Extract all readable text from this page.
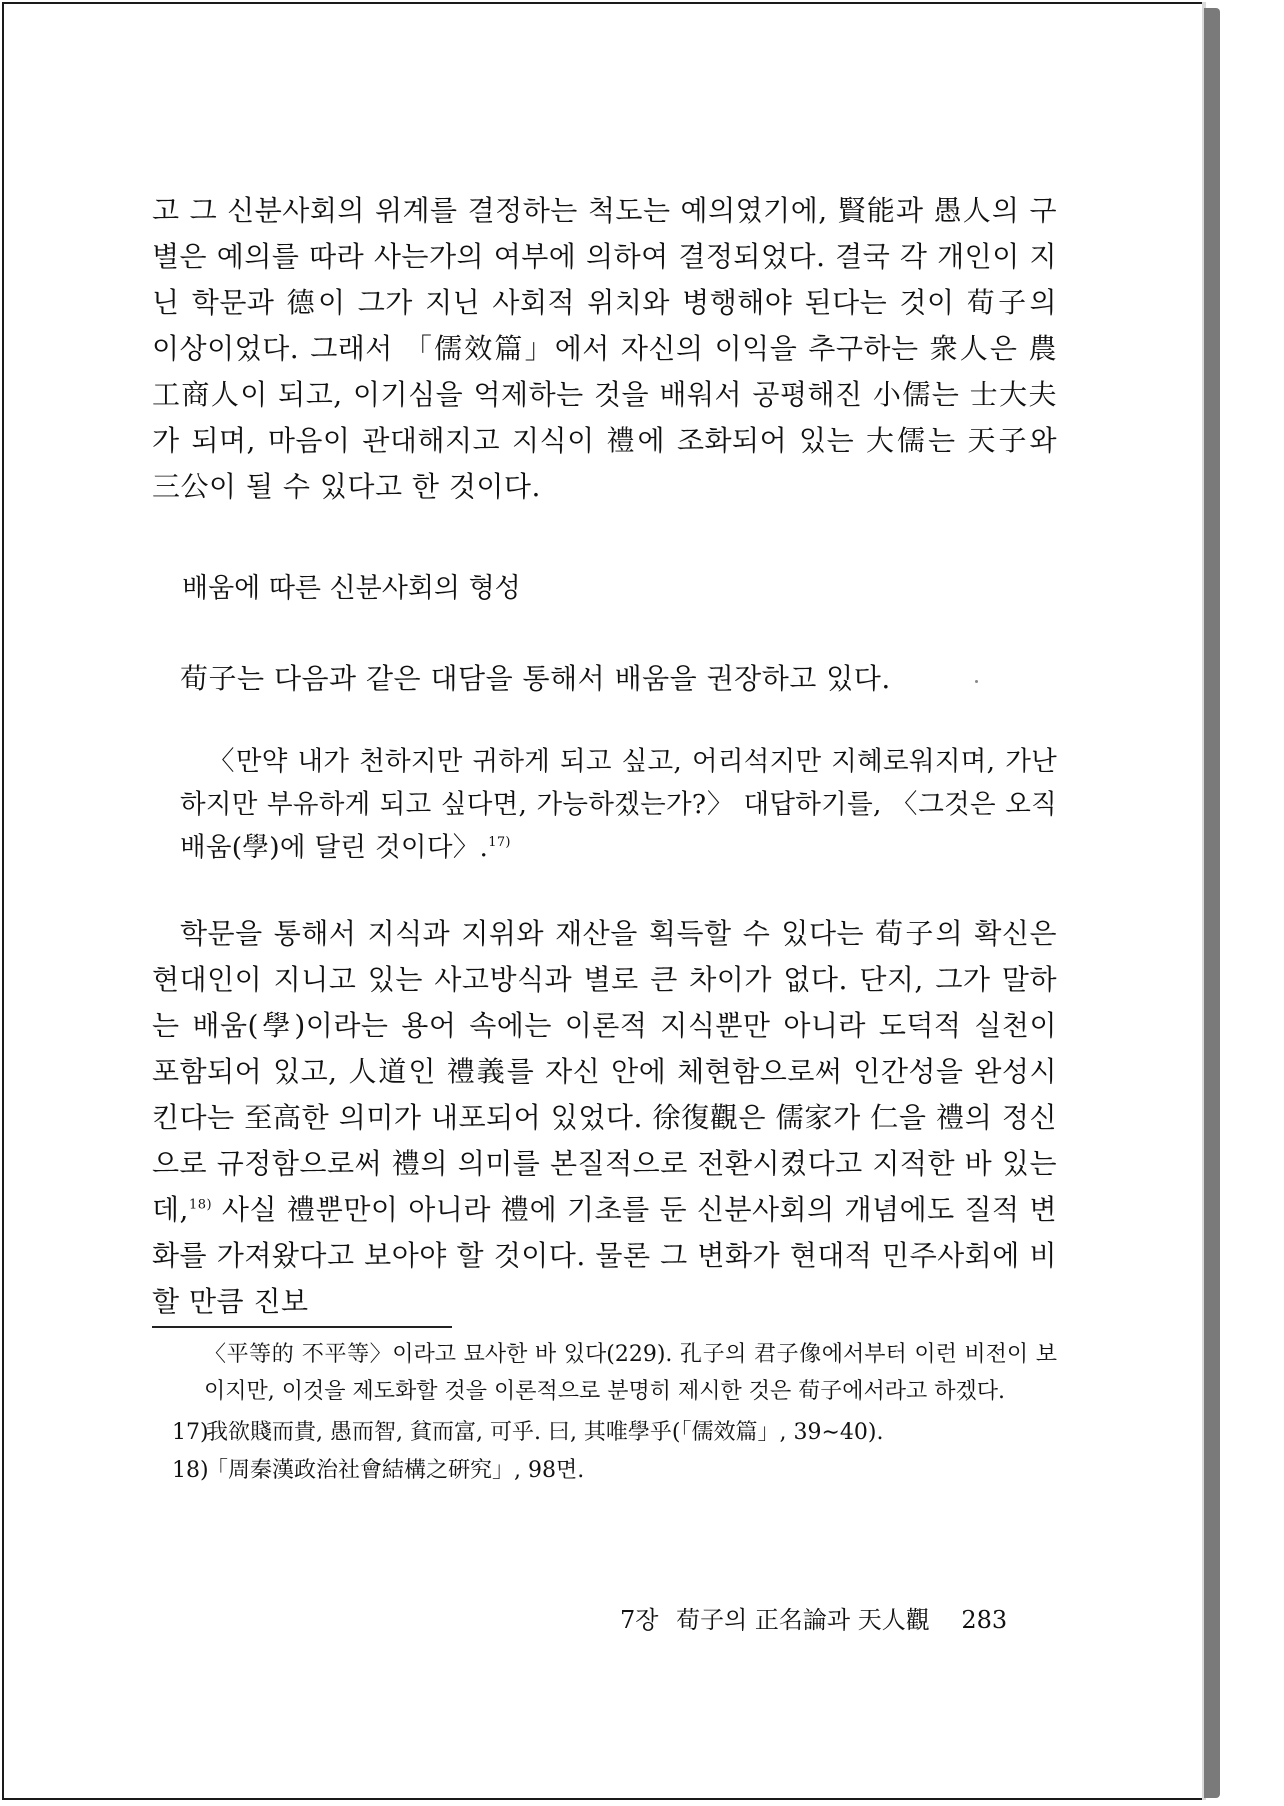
고 그 신분사회의 위계를 결정하는 척도는 예의였기에, 賢能과 愚人의 구별은 예의를 따라 사는가의 여부에 의하여 결정되었다. 결국 각 개인이 지닌 학문과 德이 그가 지닌 사회적 위치와 병행해야 된다는 것이 荀子의 이상이었다. 그래서 「儒效篇」에서 자신의 이익을 추구하는 衆人은 農工商人이 되고, 이기심을 억제하는 것을 배워서 공평해진 小儒는 士大夫가 되며, 마음이 관대해지고 지식이 禮에 조화되어 있는 大儒는 天子와 三公이 될 수 있다고 한 것이다.

배움에 따른 신분사회의 형성

荀子는 다음과 같은 대담을 통해서 배움을 권장하고 있다.

〈만약 내가 천하지만 귀하게 되고 싶고, 어리석지만 지혜로워지며, 가난하지만 부유하게 되고 싶다면, 가능하겠는가?〉 대답하기를, 〈그것은 오직 배움(學)에 달린 것이다〉.$^{17)}$

학문을 통해서 지식과 지위와 재산을 획득할 수 있다는 荀子의 확신은 현대인이 지니고 있는 사고방식과 별로 큰 차이가 없다. 단지, 그가 말하는 배움(學)이라는 용어 속에는 이론적 지식뿐만 아니라 도덕적 실천이 포함되어 있고, 人道인 禮義를 자신 안에 체현함으로써 인간성을 완성시킨다는 至高한 의미가 내포되어 있었다. 徐復觀은 儒家가 仁을 禮의 정신으로 규정함으로써 禮의 의미를 본질적으로 전환시켰다고 지적한 바 있는데,$^{18)}$ 사실 禮뿐만이 아니라 禮에 기초를 둔 신분사회의 개념에도 질적 변화를 가져왔다고 보아야 할 것이다. 물론 그 변화가 현대적 민주사회에 비할 만큼 진보

〈平等的 不平等〉이라고 묘사한 바 있다(229). 孔子의 君子像에서부터 이런 비전이 보이지만, 이것을 제도화할 것을 이론적으로 분명히 제시한 것은 荀子에서라고 하겠다.

17)我欲賤而貴, 愚而智, 貧而富, 可乎. 曰, 其唯學乎(「儒效篇」, 39∼40).

18)「周秦漢政治社會結構之硏究」, 98면.

7장 荀子의 正名論과 天人觀 283
